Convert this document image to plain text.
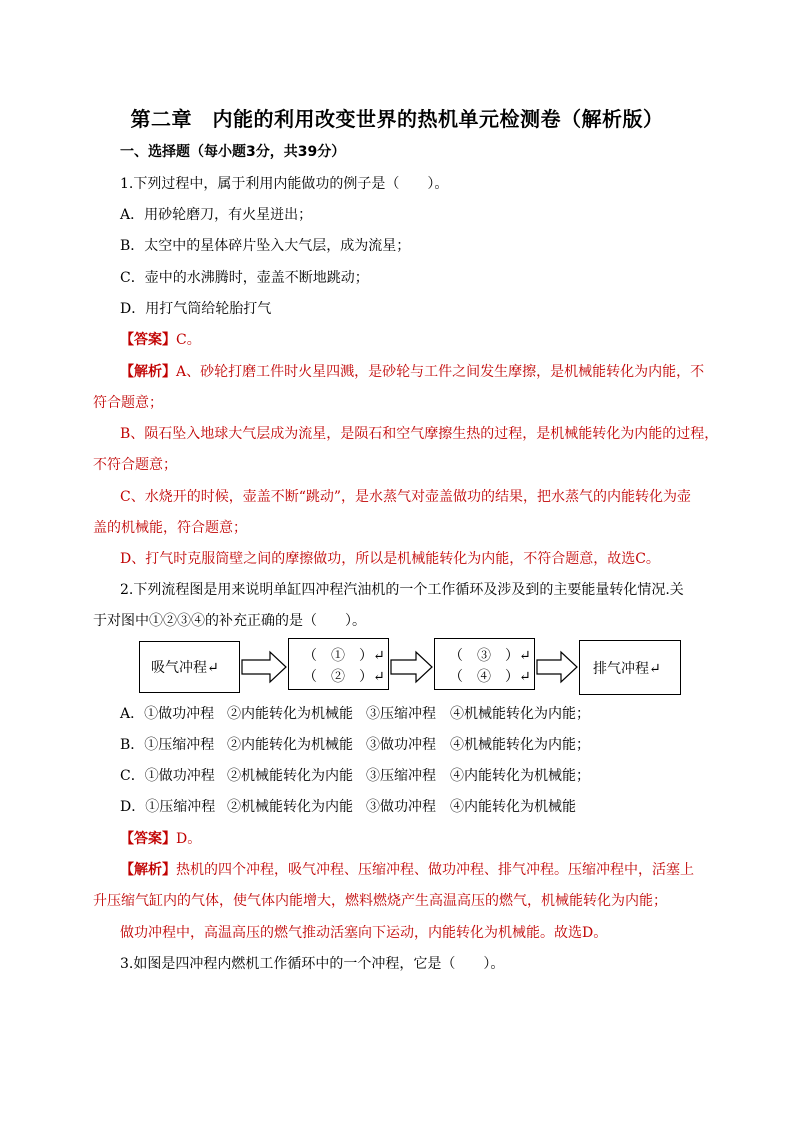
第二章　内能的利用改变世界的热机单元检测卷（解析版）
一、选择题（每小题3分，共39分）
1.下列过程中，属于利用内能做功的例子是（　　）。
A．用砂轮磨刀，有火星迸出；
B．太空中的星体碎片坠入大气层，成为流星；
C．壶中的水沸腾时，壶盖不断地跳动；
D．用打气筒给轮胎打气
【答案】C。
【解析】A、砂轮打磨工件时火星四溅，是砂轮与工件之间发生摩擦，是机械能转化为内能，不
符合题意；
B、陨石坠入地球大气层成为流星，是陨石和空气摩擦生热的过程，是机械能转化为内能的过程，
不符合题意；
C、水烧开的时候，壶盖不断“跳动”，是水蒸气对壶盖做功的结果，把水蒸气的内能转化为壶
盖的机械能，符合题意；
D、打气时克服筒壁之间的摩擦做功，所以是机械能转化为内能，不符合题意，故选C。
2.下列流程图是用来说明单缸四冲程汽油机的一个工作循环及涉及到的主要能量转化情况.关
于对图中①②③④的补充正确的是（　　）。
吸气冲程↵
（　①　）↵
（　②　）↵
（　③　）↵
（　④　）↵	排气冲程↵
A．①做功冲程 ②内能转化为机械能 ③压缩冲程 ④机械能转化为内能；
B．①压缩冲程 ②内能转化为机械能 ③做功冲程 ④机械能转化为内能；
C．①做功冲程 ②机械能转化为内能 ③压缩冲程 ④内能转化为机械能；
D．①压缩冲程 ②机械能转化为内能 ③做功冲程 ④内能转化为机械能
【答案】D。
【解析】热机的四个冲程，吸气冲程、压缩冲程、做功冲程、排气冲程。压缩冲程中，活塞上
升压缩气缸内的气体，使气体内能增大，燃料燃烧产生高温高压的燃气，机械能转化为内能；
做功冲程中，高温高压的燃气推动活塞向下运动，内能转化为机械能。故选D。
3.如图是四冲程内燃机工作循环中的一个冲程，它是（　　）。
